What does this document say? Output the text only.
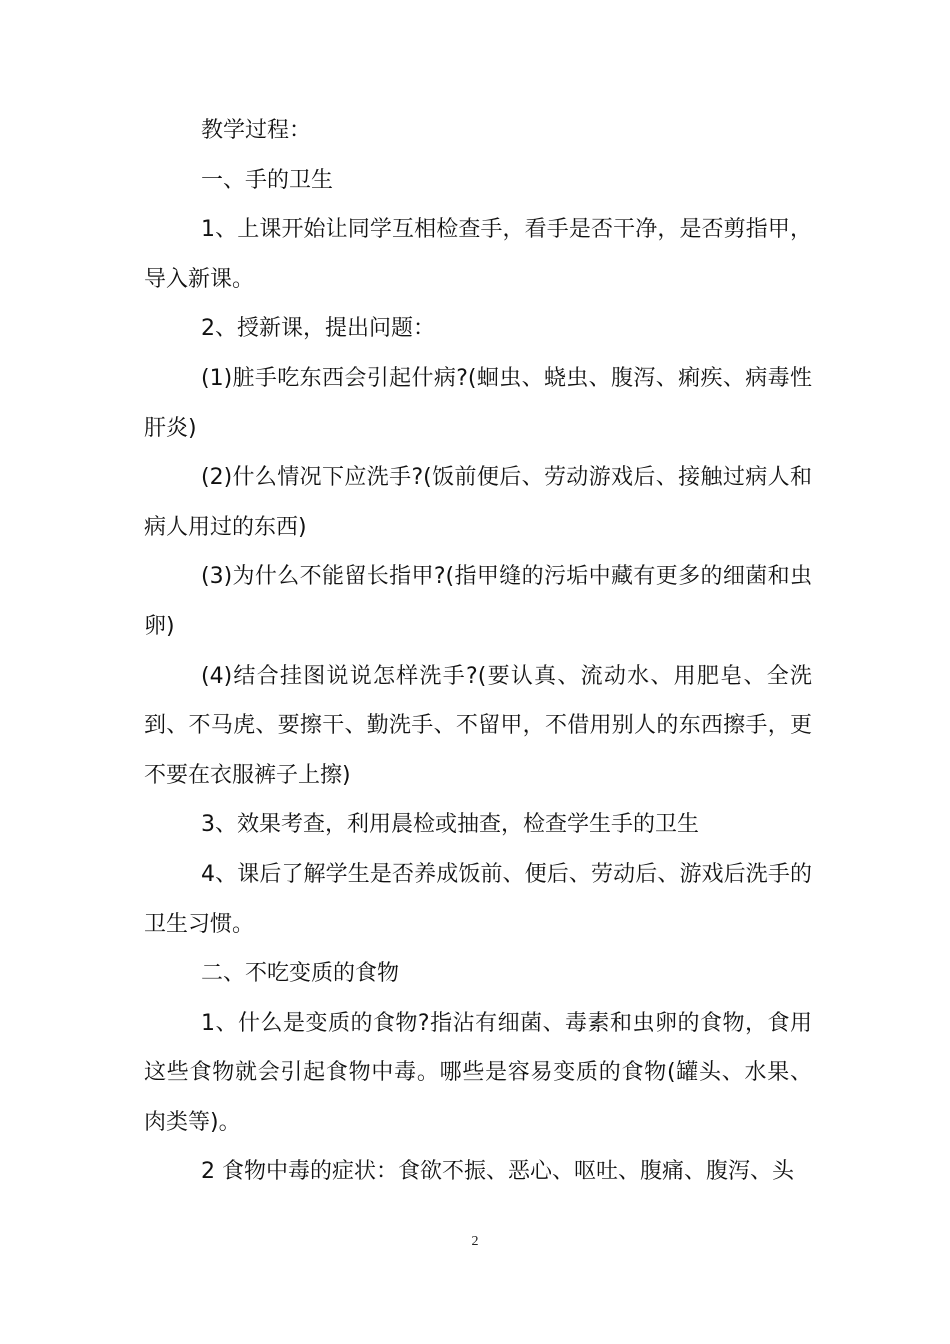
教学过程：

一、手的卫生

1、上课开始让同学互相检查手，看手是否干净，是否剪指甲，导入新课。

2、授新课，提出问题：

(1)脏手吃东西会引起什病?(蛔虫、蛲虫、腹泻、痢疾、病毒性肝炎)

(2)什么情况下应洗手?(饭前便后、劳动游戏后、接触过病人和病人用过的东西)

(3)为什么不能留长指甲?(指甲缝的污垢中藏有更多的细菌和虫卵)

(4)结合挂图说说怎样洗手?(要认真、流动水、用肥皂、全洗到、不马虎、要擦干、勤洗手、不留甲，不借用别人的东西擦手，更不要在衣服裤子上擦)

3、效果考查，利用晨检或抽查，检查学生手的卫生

4、课后了解学生是否养成饭前、便后、劳动后、游戏后洗手的卫生习惯。

二、不吃变质的食物

1、什么是变质的食物?指沾有细菌、毒素和虫卵的食物，食用这些食物就会引起食物中毒。哪些是容易变质的食物(罐头、水果、肉类等)。

2 食物中毒的症状：食欲不振、恶心、呕吐、腹痛、腹泻、头

2
